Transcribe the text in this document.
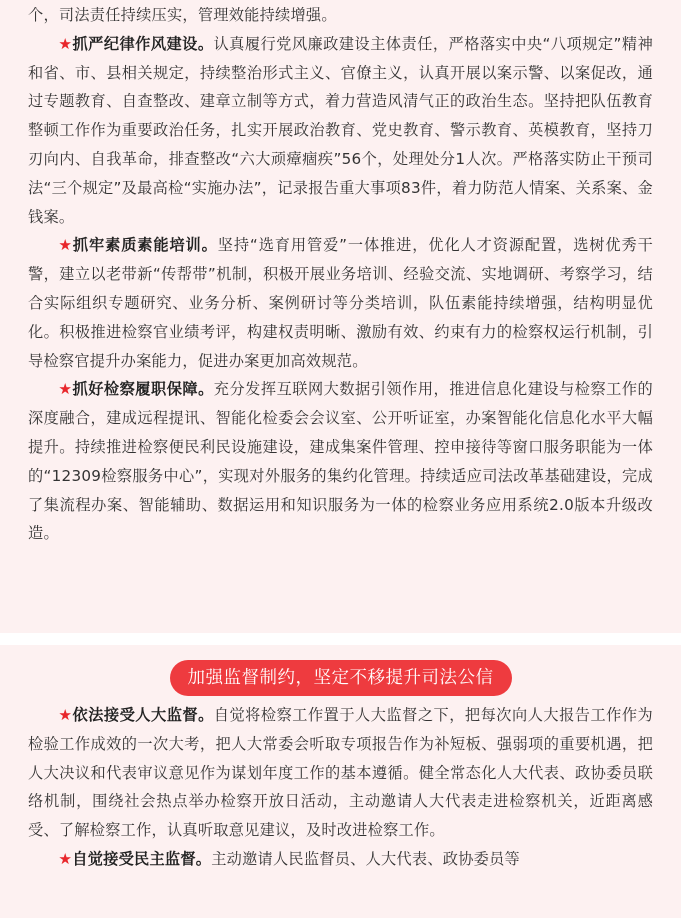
个，司法责任持续压实，管理效能持续增强。

★抓严纪律作风建设。认真履行党风廉政建设主体责任，严格落实中央“八项规定”精神和省、市、县相关规定，持续整治形式主义、官僚主义，认真开展以案示警、以案促改，通过专题教育、自查整改、建章立制等方式，着力营造风清气正的政治生态。坚持把队伍教育整顿工作作为重要政治任务，扎实开展政治教育、党史教育、警示教育、英模教育，坚持刀刃向内、自我革命，排查整改“六大顽瘴痼疾”56个，处理处分1人次。严格落实防止干预司法“三个规定”及最高检“实施办法”，记录报告重大事项83件，着力防范人情案、关系案、金钱案。

★抓牢素质素能培训。坚持“选育用管爱”一体推进，优化人才资源配置，选树优秀干警，建立以老带新“传帮带”机制，积极开展业务培训、经验交流、实地调研、考察学习，结合实际组织专题研究、业务分析、案例研讨等分类培训，队伍素能持续增强，结构明显优化。积极推进检察官业绩考评，构建权责明晰、激励有效、约束有力的检察权运行机制，引导检察官提升办案能力，促进办案更加高效规范。

★抓好检察履职保障。充分发挥互联网大数据引领作用，推进信息化建设与检察工作的深度融合，建成远程提讯、智能化检委会会议室、公开听证室，办案智能化信息化水平大幅提升。持续推进检察便民利民设施建设，建成集案件管理、控申接待等窗口服务职能为一体的“12309检察服务中心”，实现对外服务的集约化管理。持续适应司法改革基础建设，完成了集流程办案、智能辅助、数据运用和知识服务为一体的检察业务应用系统2.0版本升级改造。

加强监督制约，坚定不移提升司法公信

★依法接受人大监督。自觉将检察工作置于人大监督之下，把每次向人大报告工作作为检验工作成效的一次大考，把人大常委会听取专项报告作为补短板、强弱项的重要机遇，把人大决议和代表审议意见作为谋划年度工作的基本遵循。健全常态化人大代表、政协委员联络机制，围绕社会热点举办检察开放日活动，主动邀请人大代表走进检察机关，近距离感受、了解检察工作，认真听取意见建议，及时改进检察工作。

★自觉接受民主监督。主动邀请人民监督员、人大代表、政协委员等
